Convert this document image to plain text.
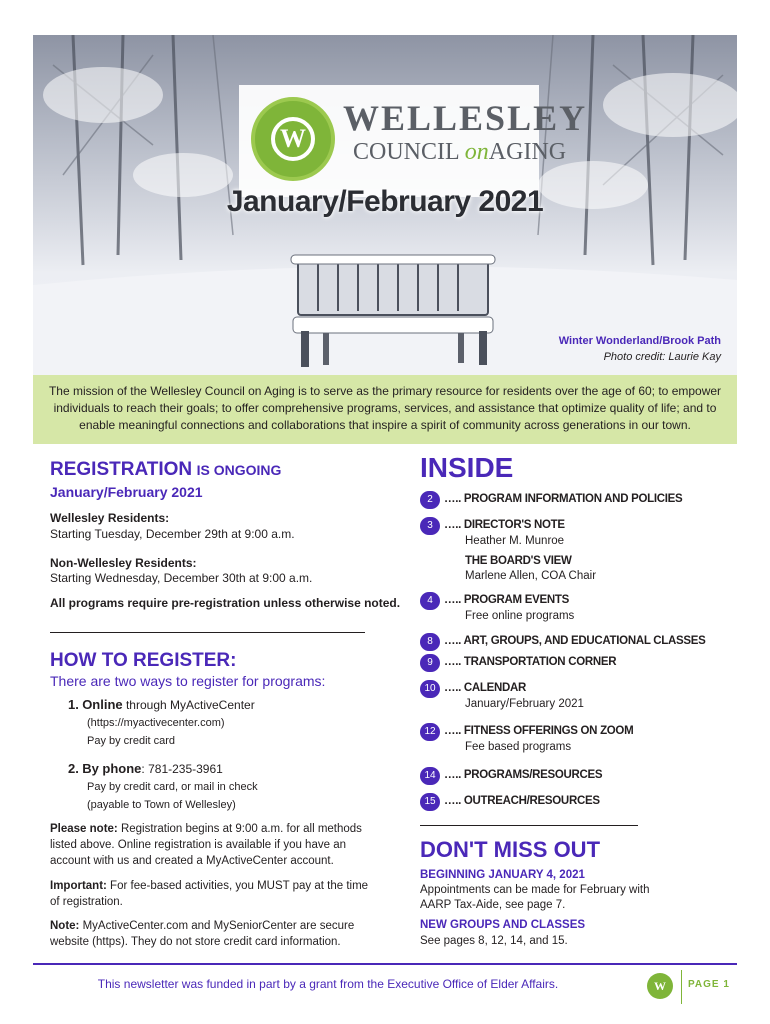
W
WELLESLEY
COUNCIL onAGING
January/February 2021
Winter Wonderland/Brook Path
Photo credit: Laurie Kay
The mission of the Wellesley Council on Aging is to serve as the primary resource for residents over the age of 60; to empower individuals to reach their goals; to offer comprehensive programs, services, and assistance that optimize quality of life; and to enable meaningful connections and collaborations that inspire a spirit of community across generations in our town.
REGISTRATION IS ONGOING
January/February 2021
Wellesley Residents:
Starting Tuesday, December 29th at 9:00 a.m.
Non-Wellesley Residents:
Starting Wednesday, December 30th at 9:00 a.m.
All programs require pre-registration unless otherwise noted.
HOW TO REGISTER:
There are two ways to register for programs:
1. Online through MyActiveCenter
(https://myactivecenter.com)
Pay by credit card
2. By phone: 781-235-3961
Pay by credit card, or mail in check
(payable to Town of Wellesley)
Please note: Registration begins at 9:00 a.m. for all methods listed above. Online registration is available if you have an account with us and created a MyActiveCenter account.
Important: For fee-based activities, you MUST pay at the time of registration.
Note: MyActiveCenter.com and MySeniorCenter are secure website (https). They do not store credit card information.
INSIDE
2 ….. PROGRAM INFORMATION AND POLICIES
3 ….. DIRECTOR'S NOTE
Heather M. Munroe
THE BOARD'S VIEW
Marlene Allen, COA Chair
4 ….. PROGRAM EVENTS
Free online programs
8 ….. ART, GROUPS, AND EDUCATIONAL CLASSES
9 ….. TRANSPORTATION CORNER
10 ….. CALENDAR
January/February 2021
12 ….. FITNESS OFFERINGS ON ZOOM
Fee based programs
14 ….. PROGRAMS/RESOURCES
15 ….. OUTREACH/RESOURCES
DON'T MISS OUT
BEGINNING JANUARY 4, 2021
Appointments can be made for February with AARP Tax-Aide, see page 7.
NEW GROUPS AND CLASSES
See pages 8, 12, 14, and 15.
This newsletter was funded in part by a grant from the Executive Office of Elder Affairs.	W	PAGE 1
